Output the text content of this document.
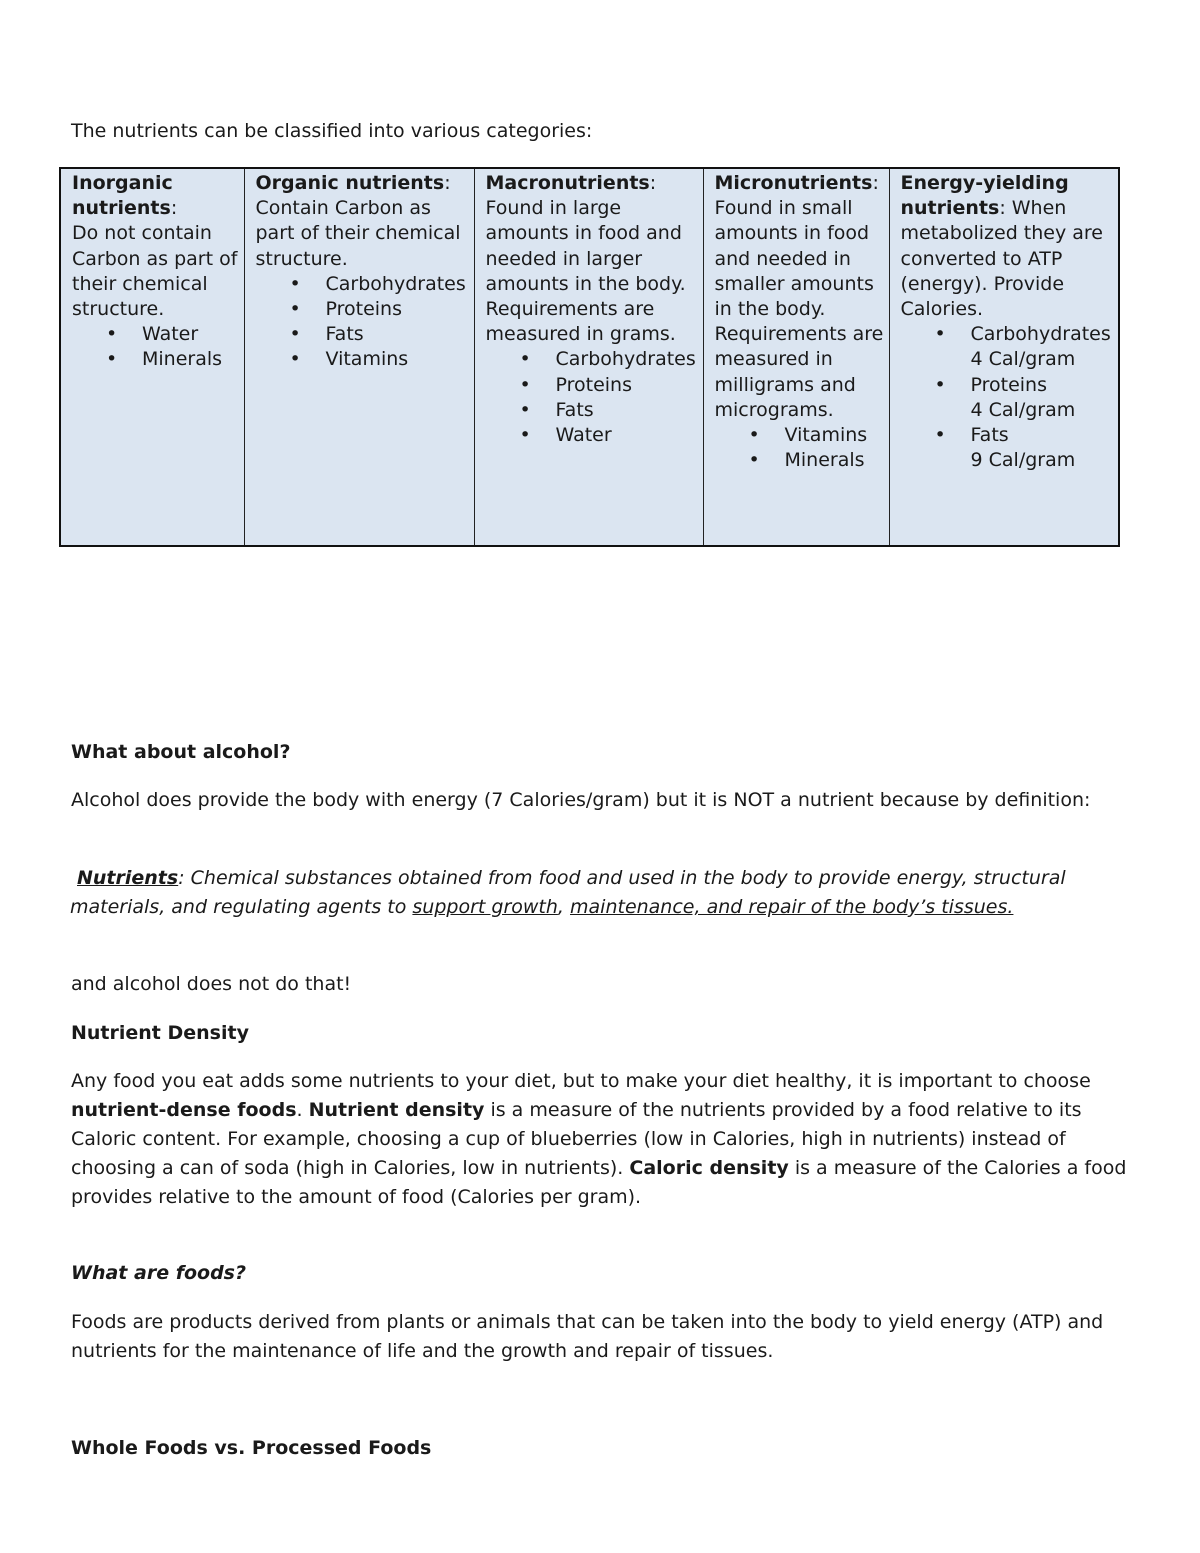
The nutrients can be classified into various categories:

Inorganic nutrients:
Do not contain Carbon as part of their chemical structure.
• Water
• Minerals
	Organic nutrients:
Contain Carbon as part of their chemical structure.
• Carbohydrates
• Proteins
• Fats
• Vitamins
	Macronutrients:
Found in large amounts in food and needed in larger amounts in the body. Requirements are measured in grams.
• Carbohydrates
• Proteins
• Fats
• Water
	Micronutrients: Found in small amounts in food and needed in smaller amounts in the body. Requirements are measured in milligrams and micrograms.
• Vitamins
• Minerals
	Energy-yielding nutrients: When metabolized they are converted to ATP (energy). Provide Calories.
• Carbohydrates
4 Cal/gram
• Proteins
4 Cal/gram
• Fats
9 Cal/gram

What about alcohol?

Alcohol does provide the body with energy (7 Calories/gram) but it is NOT a nutrient because by definition:

Nutrients: Chemical substances obtained from food and used in the body to provide energy, structural materials, and regulating agents to support growth, maintenance, and repair of the body’s tissues.

and alcohol does not do that!

Nutrient Density

Any food you eat adds some nutrients to your diet, but to make your diet healthy, it is important to choose nutrient-dense foods. Nutrient density is a measure of the nutrients provided by a food relative to its Caloric content. For example, choosing a cup of blueberries (low in Calories, high in nutrients) instead of choosing a can of soda (high in Calories, low in nutrients). Caloric density is a measure of the Calories a food provides relative to the amount of food (Calories per gram).

What are foods?

Foods are products derived from plants or animals that can be taken into the body to yield energy (ATP) and nutrients for the maintenance of life and the growth and repair of tissues.

Whole Foods vs. Processed Foods
